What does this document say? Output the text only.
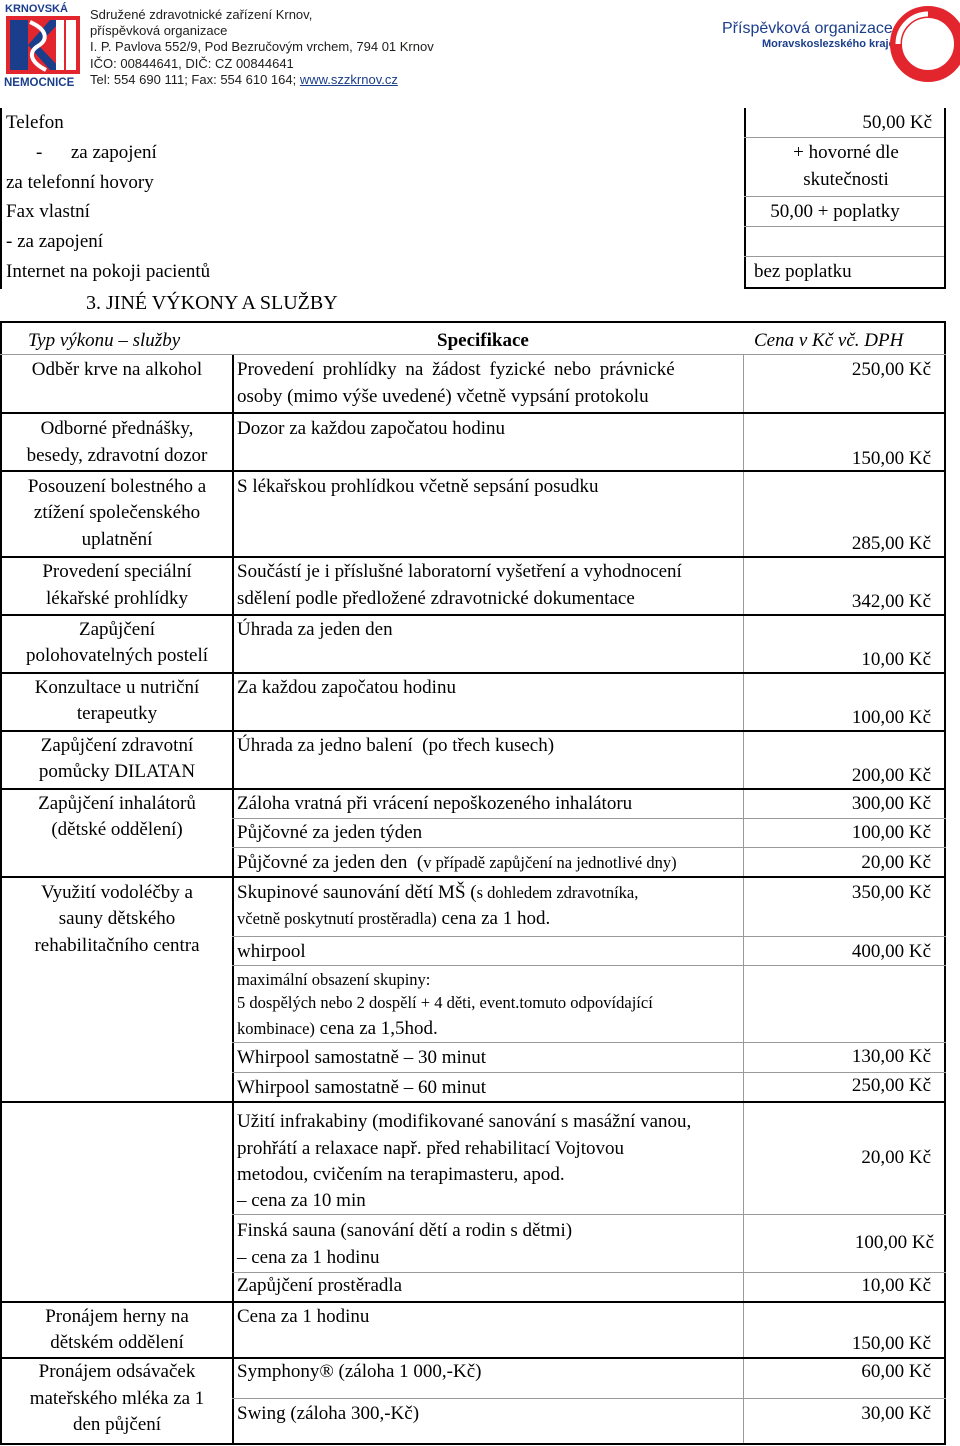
KRNOVSKÁ
NEMOCNICE
Sdružené zdravotnické zařízení Krnov,
příspěvková organizace
I. P. Pavlova 552/9, Pod Bezručovým vrchem, 794 01 Krnov
IČO: 00844641, DIČ: CZ 00844641
Tel: 554 690 111; Fax: 554 610 164; www.szzkrnov.cz
Příspěvková organizace
Moravskoslezského kraje
Telefon
-      za zapojení
za telefonní hovory
Fax vlastní
- za zapojení
Internet na pokoji pacientů
50,00 Kč
+ hovorné dle
skutečnosti
50,00 + poplatky
bez poplatku
3. JINÉ VÝKONY A SLUŽBY
Typ výkonu – služby	Specifikace	Cena v Kč vč. DPH
Odběr krve na alkohol
Odborné přednášky,
besedy, zdravotní dozor
Posouzení bolestného a
ztížení společenského
uplatnění
Provedení speciální
lékařské prohlídky
Zapůjčení
polohovatelných postelí
Konzultace u nutriční
terapeutky
Zapůjčení zdravotní
pomůcky DILATAN
Zapůjčení inhalátorů
(dětské oddělení)
Využití vodoléčby a
sauny dětského
rehabilitačního centra
Pronájem herny na
dětském oddělení
Pronájem odsávaček
mateřského mléka za 1
den půjčení
Provedení prohlídky na žádost fyzické nebo právnické
osoby (mimo výše uvedené) včetně vypsání protokolu
Dozor za každou započatou hodinu
S lékařskou prohlídkou včetně sepsání posudku
Součástí je i příslušné laboratorní vyšetření a vyhodnocení
sdělení podle předložené zdravotnické dokumentace
Úhrada za jeden den
Za každou započatou hodinu
Úhrada za jedno balení  (po třech kusech)
Záloha vratná při vrácení nepoškozeného inhalátoru
Půjčovné za jeden týden
Půjčovné za jeden den  (v případě zapůjčení na jednotlivé dny)
Skupinové saunování dětí MŠ (s dohledem zdravotníka,
včetně poskytnutí prostěradla) cena za 1 hod.
whirpool
maximální obsazení skupiny:
5 dospělých nebo 2 dospělí + 4 děti, event.tomuto odpovídající
kombinace) cena za 1,5hod.
Whirpool samostatně – 30 minut
Whirpool samostatně – 60 minut
Užití infrakabiny (modifikované sanování s masážní vanou,
prohřátí a relaxace např. před rehabilitací Vojtovou
metodou, cvičením na terapimasteru, apod.
– cena za 10 min
Finská sauna (sanování dětí a rodin s dětmi)
– cena za 1 hodinu
Zapůjčení prostěradla
Cena za 1 hodinu
Symphony® (záloha 1 000,-Kč)
Swing (záloha 300,-Kč)
250,00 Kč
150,00 Kč
285,00 Kč
342,00 Kč
10,00 Kč
100,00 Kč
200,00 Kč
300,00 Kč
100,00 Kč
20,00 Kč
350,00 Kč
400,00 Kč
130,00 Kč
250,00 Kč
20,00 Kč
100,00 Kč
10,00 Kč
150,00 Kč
60,00 Kč
30,00 Kč
